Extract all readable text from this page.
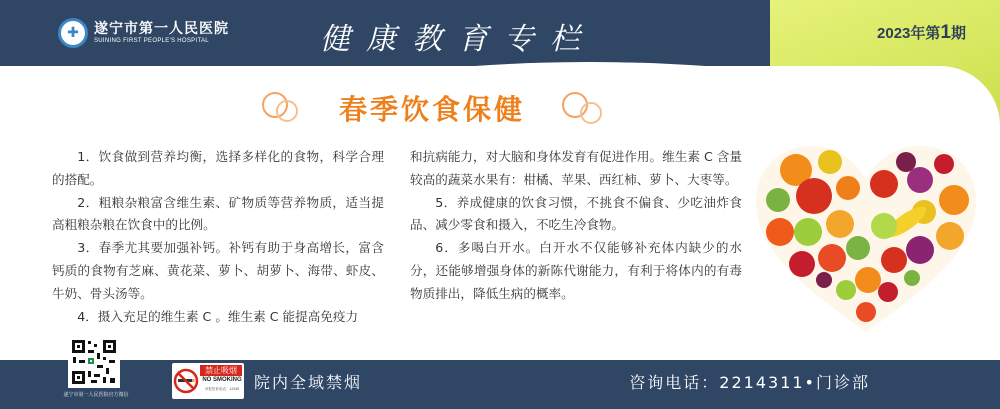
✚	遂宁市第一人民医院
SUINING FIRST PEOPLE'S HOSPITAL	健康教育专栏	2023年第1期
春季饮食保健

1．饮食做到营养均衡，选择多样化的食物，科学合理的搭配。

2．粗粮杂粮富含维生素、矿物质等营养物质，适当提高粗粮杂粮在饮食中的比例。

3．春季尤其要加强补钙。补钙有助于身高增长，富含钙质的食物有芝麻、黄花菜、萝卜、胡萝卜、海带、虾皮、牛奶、骨头汤等。

4．摄入充足的维生素 C 。维生素 C 能提高免疫力

和抗病能力，对大脑和身体发育有促进作用。维生素 C 含量较高的蔬菜水果有：柑橘、苹果、西红柿、萝卜、大枣等。

5．养成健康的饮食习惯，不挑食不偏食、少吃油炸食品、减少零食和摄入，不吃生冷食物。

6．多喝白开水。白开水不仅能够补充体内缺少的水分，还能够增强身体的新陈代谢能力，有利于将体内的有毒物质排出，降低生病的概率。

遂宁市第一人民医院官方微信
禁止吸烟
NO SMOKING
举报投诉电话：12345 院内全域禁烟	咨询电话：2214311•门诊部
